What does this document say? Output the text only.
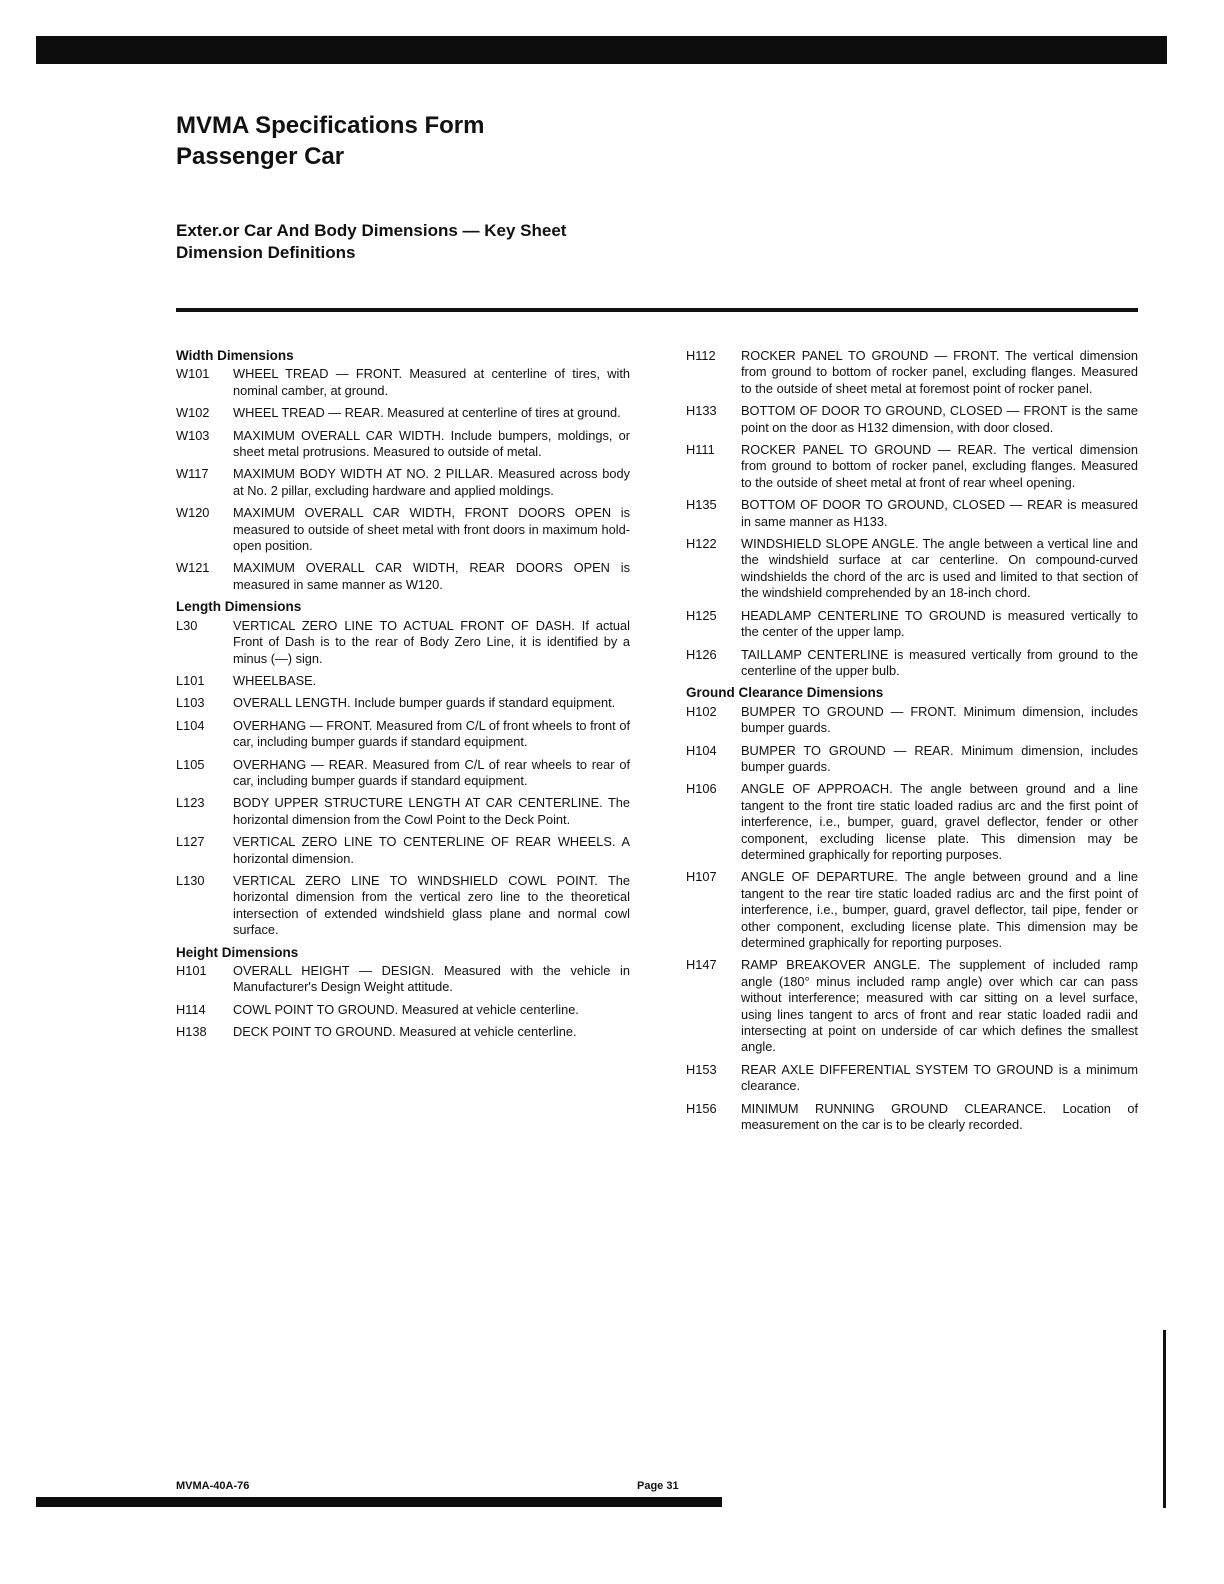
MVMA Specifications Form
Passenger Car
Exter.or Car And Body Dimensions — Key Sheet
Dimension Definitions
Width Dimensions
W101	WHEEL TREAD — FRONT. Measured at centerline of tires, with nominal camber, at ground.
W102	WHEEL TREAD — REAR. Measured at centerline of tires at ground.
W103	MAXIMUM OVERALL CAR WIDTH. Include bumpers, moldings, or sheet metal protrusions. Measured to outside of metal.
W117	MAXIMUM BODY WIDTH AT NO. 2 PILLAR. Measured across body at No. 2 pillar, excluding hardware and applied moldings.
W120	MAXIMUM OVERALL CAR WIDTH, FRONT DOORS OPEN is measured to outside of sheet metal with front doors in maximum hold-open position.
W121	MAXIMUM OVERALL CAR WIDTH, REAR DOORS OPEN is measured in same manner as W120.
Length Dimensions
L30	VERTICAL ZERO LINE TO ACTUAL FRONT OF DASH. If actual Front of Dash is to the rear of Body Zero Line, it is identified by a minus (—) sign.
L101	WHEELBASE.
L103	OVERALL LENGTH. Include bumper guards if standard equipment.
L104	OVERHANG — FRONT. Measured from C/L of front wheels to front of car, including bumper guards if standard equipment.
L105	OVERHANG — REAR. Measured from C/L of rear wheels to rear of car, including bumper guards if standard equipment.
L123	BODY UPPER STRUCTURE LENGTH AT CAR CENTERLINE. The horizontal dimension from the Cowl Point to the Deck Point.
L127	VERTICAL ZERO LINE TO CENTERLINE OF REAR WHEELS. A horizontal dimension.
L130	VERTICAL ZERO LINE TO WINDSHIELD COWL POINT. The horizontal dimension from the vertical zero line to the theoretical intersection of extended windshield glass plane and normal cowl surface.
Height Dimensions
H101	OVERALL HEIGHT — DESIGN. Measured with the vehicle in Manufacturer's Design Weight attitude.
H114	COWL POINT TO GROUND. Measured at vehicle centerline.
H138	DECK POINT TO GROUND. Measured at vehicle centerline.
H112	ROCKER PANEL TO GROUND — FRONT. The vertical dimension from ground to bottom of rocker panel, excluding flanges. Measured to the outside of sheet metal at foremost point of rocker panel.
H133	BOTTOM OF DOOR TO GROUND, CLOSED — FRONT is the same point on the door as H132 dimension, with door closed.
H111	ROCKER PANEL TO GROUND — REAR. The vertical dimension from ground to bottom of rocker panel, excluding flanges. Measured to the outside of sheet metal at front of rear wheel opening.
H135	BOTTOM OF DOOR TO GROUND, CLOSED — REAR is measured in same manner as H133.
H122	WINDSHIELD SLOPE ANGLE. The angle between a vertical line and the windshield surface at car centerline. On compound-curved windshields the chord of the arc is used and limited to that section of the windshield comprehended by an 18-inch chord.
H125	HEADLAMP CENTERLINE TO GROUND is measured vertically to the center of the upper lamp.
H126	TAILLAMP CENTERLINE is measured vertically from ground to the centerline of the upper bulb.
Ground Clearance Dimensions
H102	BUMPER TO GROUND — FRONT. Minimum dimension, includes bumper guards.
H104	BUMPER TO GROUND — REAR. Minimum dimension, includes bumper guards.
H106	ANGLE OF APPROACH. The angle between ground and a line tangent to the front tire static loaded radius arc and the first point of interference, i.e., bumper, guard, gravel deflector, fender or other component, excluding license plate. This dimension may be determined graphically for reporting purposes.
H107	ANGLE OF DEPARTURE. The angle between ground and a line tangent to the rear tire static loaded radius arc and the first point of interference, i.e., bumper, guard, gravel deflector, tail pipe, fender or other component, excluding license plate. This dimension may be determined graphically for reporting purposes.
H147	RAMP BREAKOVER ANGLE. The supplement of included ramp angle (180° minus included ramp angle) over which car can pass without interference; measured with car sitting on a level surface, using lines tangent to arcs of front and rear static loaded radii and intersecting at point on underside of car which defines the smallest angle.
H153	REAR AXLE DIFFERENTIAL SYSTEM TO GROUND is a minimum clearance.
H156	MINIMUM RUNNING GROUND CLEARANCE. Location of measurement on the car is to be clearly recorded.
MVMA-40A-76	Page 31
